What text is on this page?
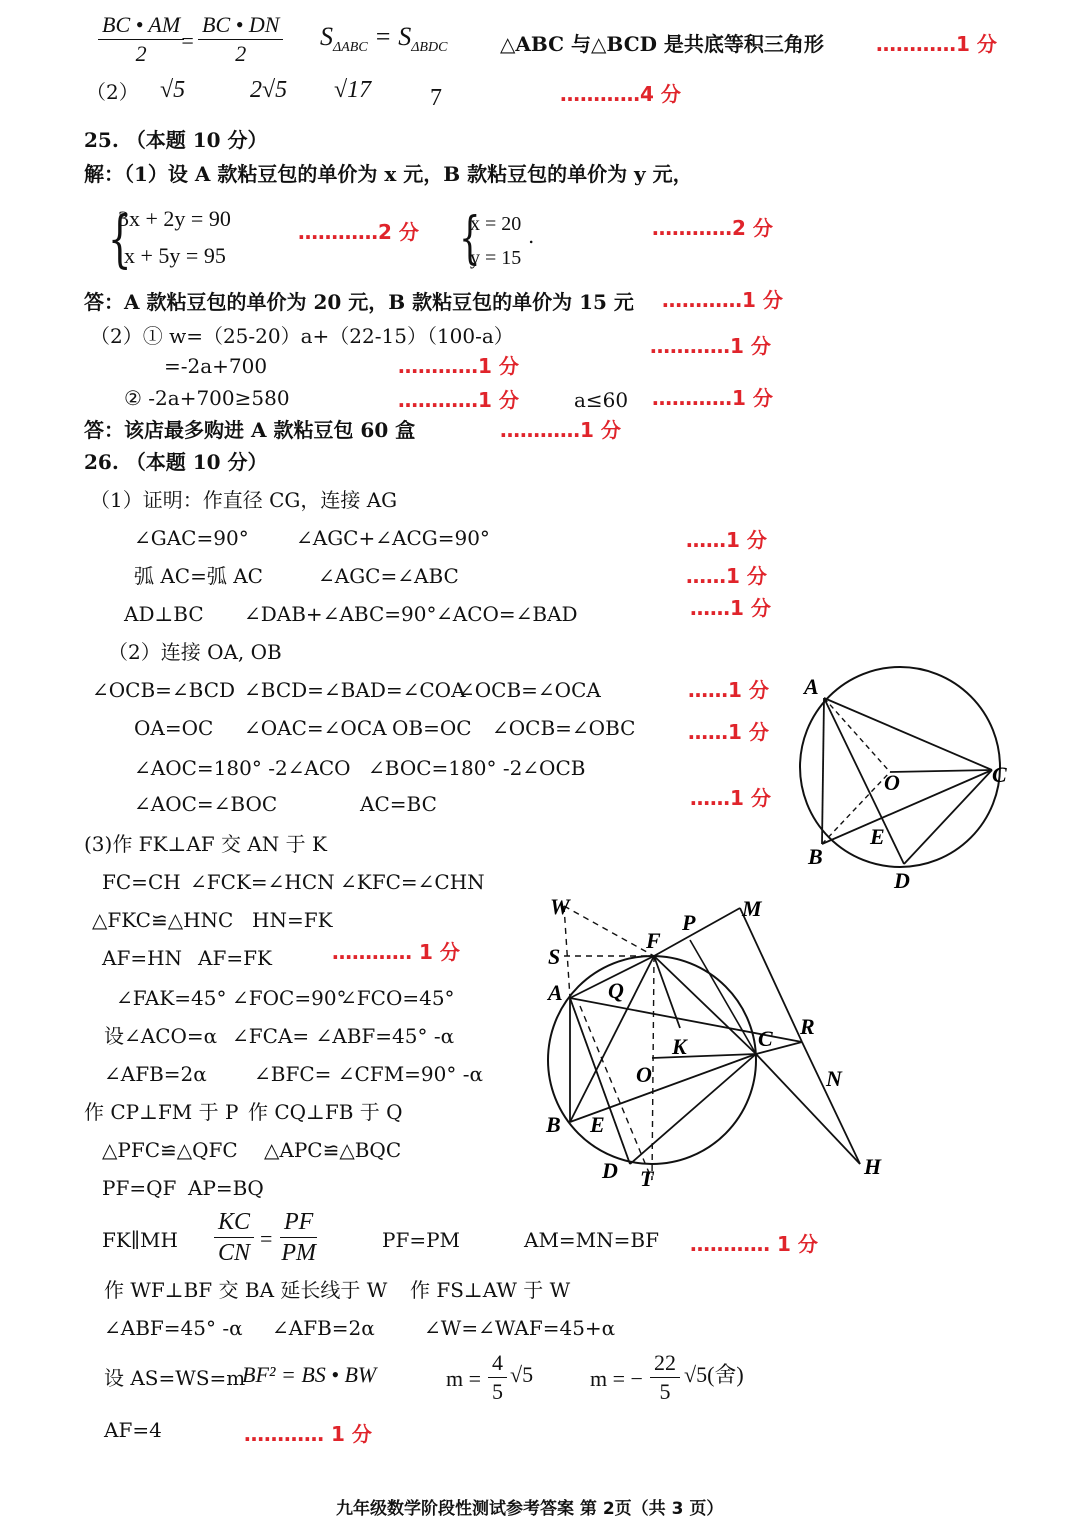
$\frac{BC • AM}{2}$
= $\frac{BC • DN}{2} S_{\Delta ABC} = S_{\Delta BDC}$	△ABC 与△BCD 是共底等积三角形	…………1 分
（2） √5	2√5 √17 7	…………4 分
25. （本题 10 分）
解：（1）设 A 款粘豆包的单价为 x 元，B 款粘豆包的单价为 y 元，
{
3x + 2y = 90
x + 5y = 95
…………2 分 {
x = 20
y = 15
.	…………2 分
答：A 款粘豆包的单价为 20 元，B 款粘豆包的单价为 15 元 …………1 分
（2）① w=（25-20）a+（22-15）（100-a）	…………1 分
=-2a+700	…………1 分
② -2a+700≥580	…………1 分	a≤60 …………1 分
答：该店最多购进 A 款粘豆包 60 盒	…………1 分
26. （本题 10 分）
（1）证明：作直径 CG，连接 AG
∠GAC=90° ∠AGC+∠ACG=90°	……1 分
弧 AC=弧 AC	∠AGC=∠ABC	……1 分
AD⊥BC ∠DAB+∠ABC=90° ∠ACO=∠BAD	……1 分
（2）连接 OA, OB
∠OCB=∠BCD ∠BCD=∠BAD=∠COA
∠OCB=∠OCA	……1 分
OA=OC ∠OAC=∠OCA OB=OC ∠OCB=∠OBC	……1 分
∠AOC=180° -2∠ACO ∠BOC=180° -2∠OCB
∠AOC=∠BOC	AC=BC	……1 分
(3)作 FK⊥AF 交 AN 于 K
FC=CH ∠FCK=∠HCN ∠KFC=∠CHN
△FKC≌△HNC HN=FK
AF=HN AF=FK	………… 1 分
∠FAK=45° ∠FOC=90°
∠FCO=45°
设∠ACO=α ∠FCA= ∠ABF=45° -α
∠AFB=2α ∠BFC= ∠CFM=90° -α
作 CP⊥FM 于 P 作 CQ⊥FB 于 Q
△PFC≌△QFC △APC≌△BQC
PF=QF AP=BQ
FK∥MH $\frac{KC}{CN} = \frac{PF}{PM}$	PF=PM	AM=MN=BF ………… 1 分
作 WF⊥BF 交 BA 延长线于 W 作 FS⊥AW 于 W
∠ABF=45° -α ∠AFB=2α ∠W=∠WAF=45+α
设 AS=WS=m
BF² = BS • BW	$m = \frac{4}{5} √5$	m = − $\frac{22}{5} √5$(舍)
AF=4	………… 1 分
A
C
O
E
B
D
W
S
F
P
M
A Q
K	C R
N
O
B E
D T	H
九年级数学阶段性测试参考答案 第 2页（共 3 页）
